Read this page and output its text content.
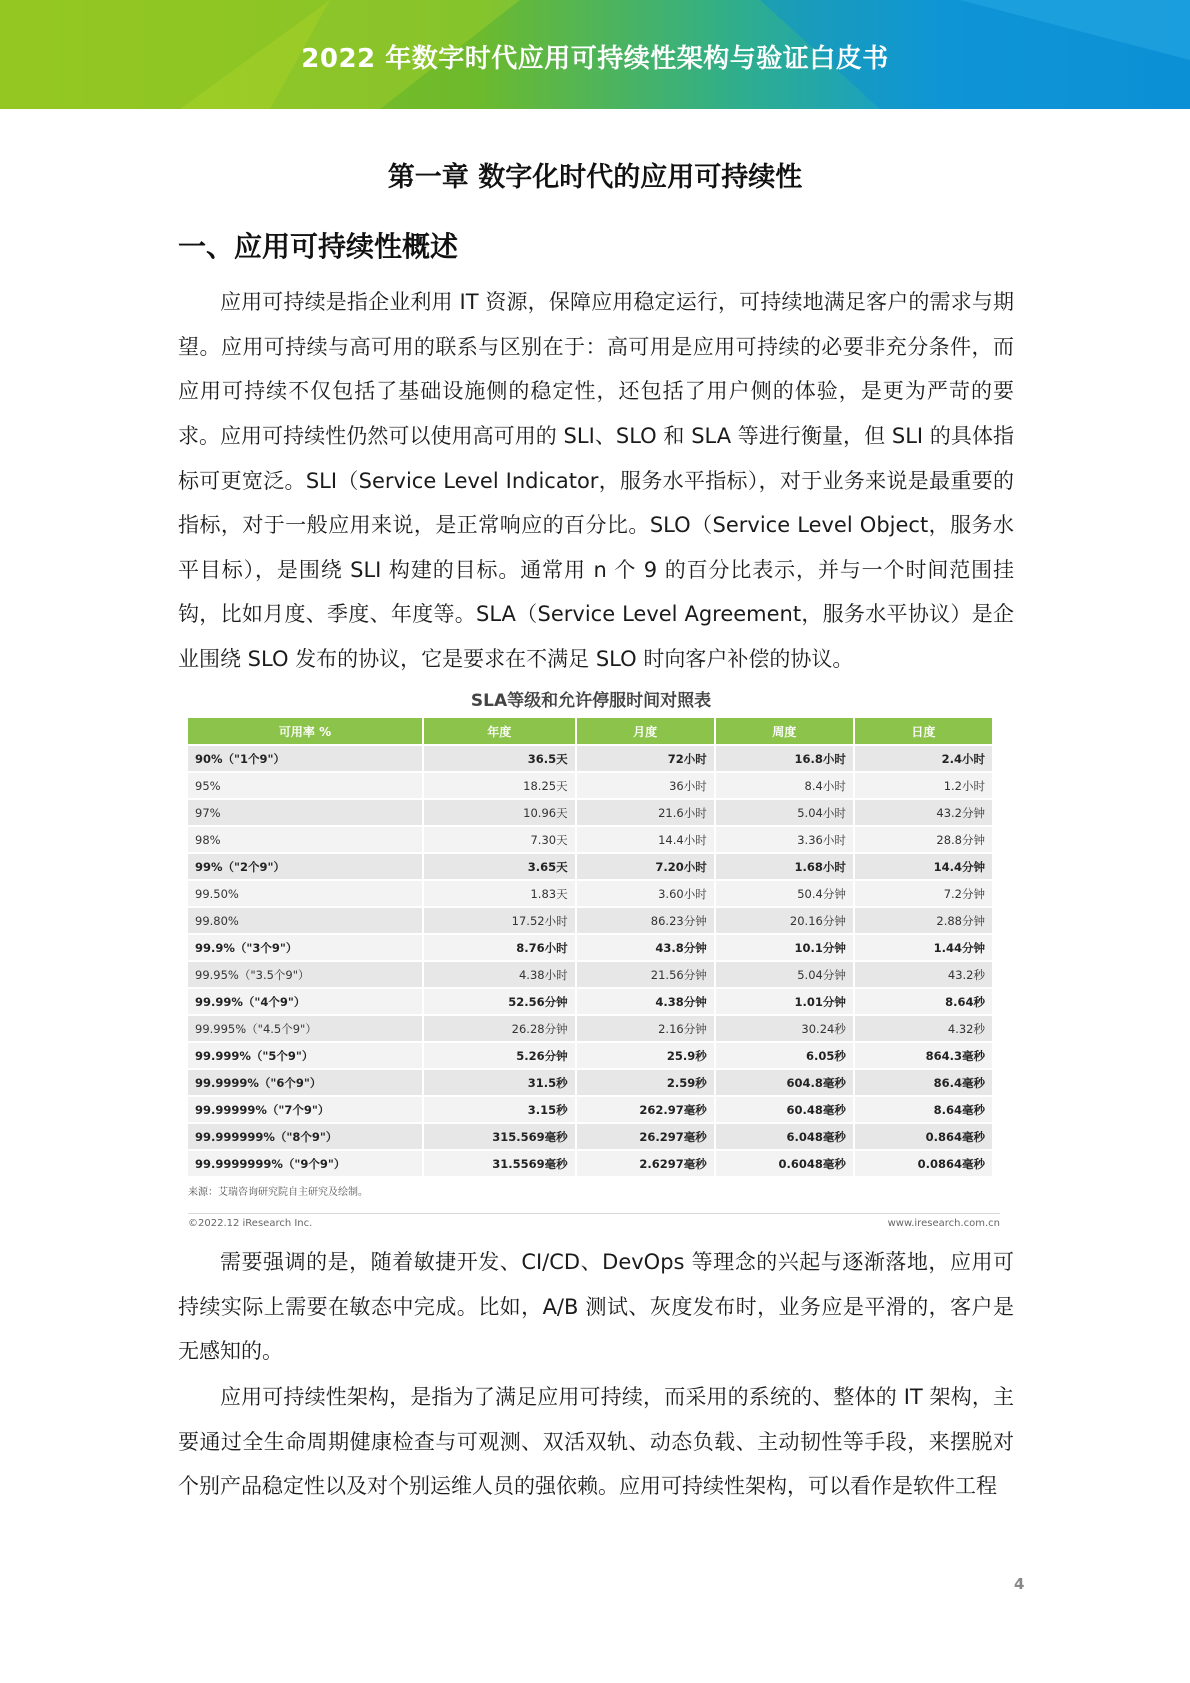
2022 年数字时代应用可持续性架构与验证白皮书
第一章 数字化时代的应用可持续性
一、应用可持续性概述

应用可持续是指企业利用 IT 资源，保障应用稳定运行，可持续地满足客户的需求与期望。应用可持续与高可用的联系与区别在于：高可用是应用可持续的必要非充分条件，而应用可持续不仅包括了基础设施侧的稳定性，还包括了用户侧的体验，是更为严苛的要求。 应用可持续性仍然可以使用高可用的 SLI、SLO 和 SLA 等进行衡量，但 SLI 的具体指标可更宽泛。SLI（Service Level Indicator，服务水平指标），对于业务来说是最重要的指标，对于一般应用来说，是正常响应的百分比。SLO（Service Level Object，服务水平目标），是围绕 SLI 构建的目标。通常用 n 个 9 的百分比表示，并与一个时间范围挂钩，比如月度、季度、年度等。SLA（Service Level Agreement，服务水平协议）是企业围绕 SLO 发布的协议，它是要求在不满足 SLO 时向客户补偿的协议。

SLA等级和允许停服时间对照表
可用率 %	年度	月度	周度	日度
90%（"1个9"）	36.5天	72小时	16.8小时	2.4小时
95%	18.25天	36小时	8.4小时	1.2小时
97%	10.96天	21.6小时	5.04小时	43.2分钟
98%	7.30天	14.4小时	3.36小时	28.8分钟
99%（"2个9"）	3.65天	7.20小时	1.68小时	14.4分钟
99.50%	1.83天	3.60小时	50.4分钟	7.2分钟
99.80%	17.52小时	86.23分钟	20.16分钟	2.88分钟
99.9%（"3个9"）	8.76小时	43.8分钟	10.1分钟	1.44分钟
99.95%（"3.5个9"）	4.38小时	21.56分钟	5.04分钟	43.2秒
99.99%（"4个9"）	52.56分钟	4.38分钟	1.01分钟	8.64秒
99.995%（"4.5个9"）	26.28分钟	2.16分钟	30.24秒	4.32秒
99.999%（"5个9"）	5.26分钟	25.9秒	6.05秒	864.3毫秒
99.9999%（"6个9"）	31.5秒	2.59秒	604.8毫秒	86.4毫秒
99.99999%（"7个9"）	3.15秒	262.97毫秒	60.48毫秒	8.64毫秒
99.999999%（"8个9"）	315.569毫秒	26.297毫秒	6.048毫秒	0.864毫秒
99.9999999%（"9个9"）	31.5569毫秒	2.6297毫秒	0.6048毫秒	0.0864毫秒
来源：艾瑞咨询研究院自主研究及绘制。
©2022.12 iResearch Inc.	www.iresearch.com.cn

需要强调的是，随着敏捷开发、CI/CD、DevOps 等理念的兴起与逐渐落地，应用可持续实际上需要在敏态中完成。比如，A/B 测试、灰度发布时，业务应是平滑的，客户是无感知的。

应用可持续性架构，是指为了满足应用可持续，而采用的系统的、整体的 IT 架构，主要通过全生命周期健康检查与可观测、双活双轨、动态负载、主动韧性等手段，来摆脱对个别产品稳定性以及对个别运维人员的强依赖。应用可持续性架构，可以看作是软件工程

4
